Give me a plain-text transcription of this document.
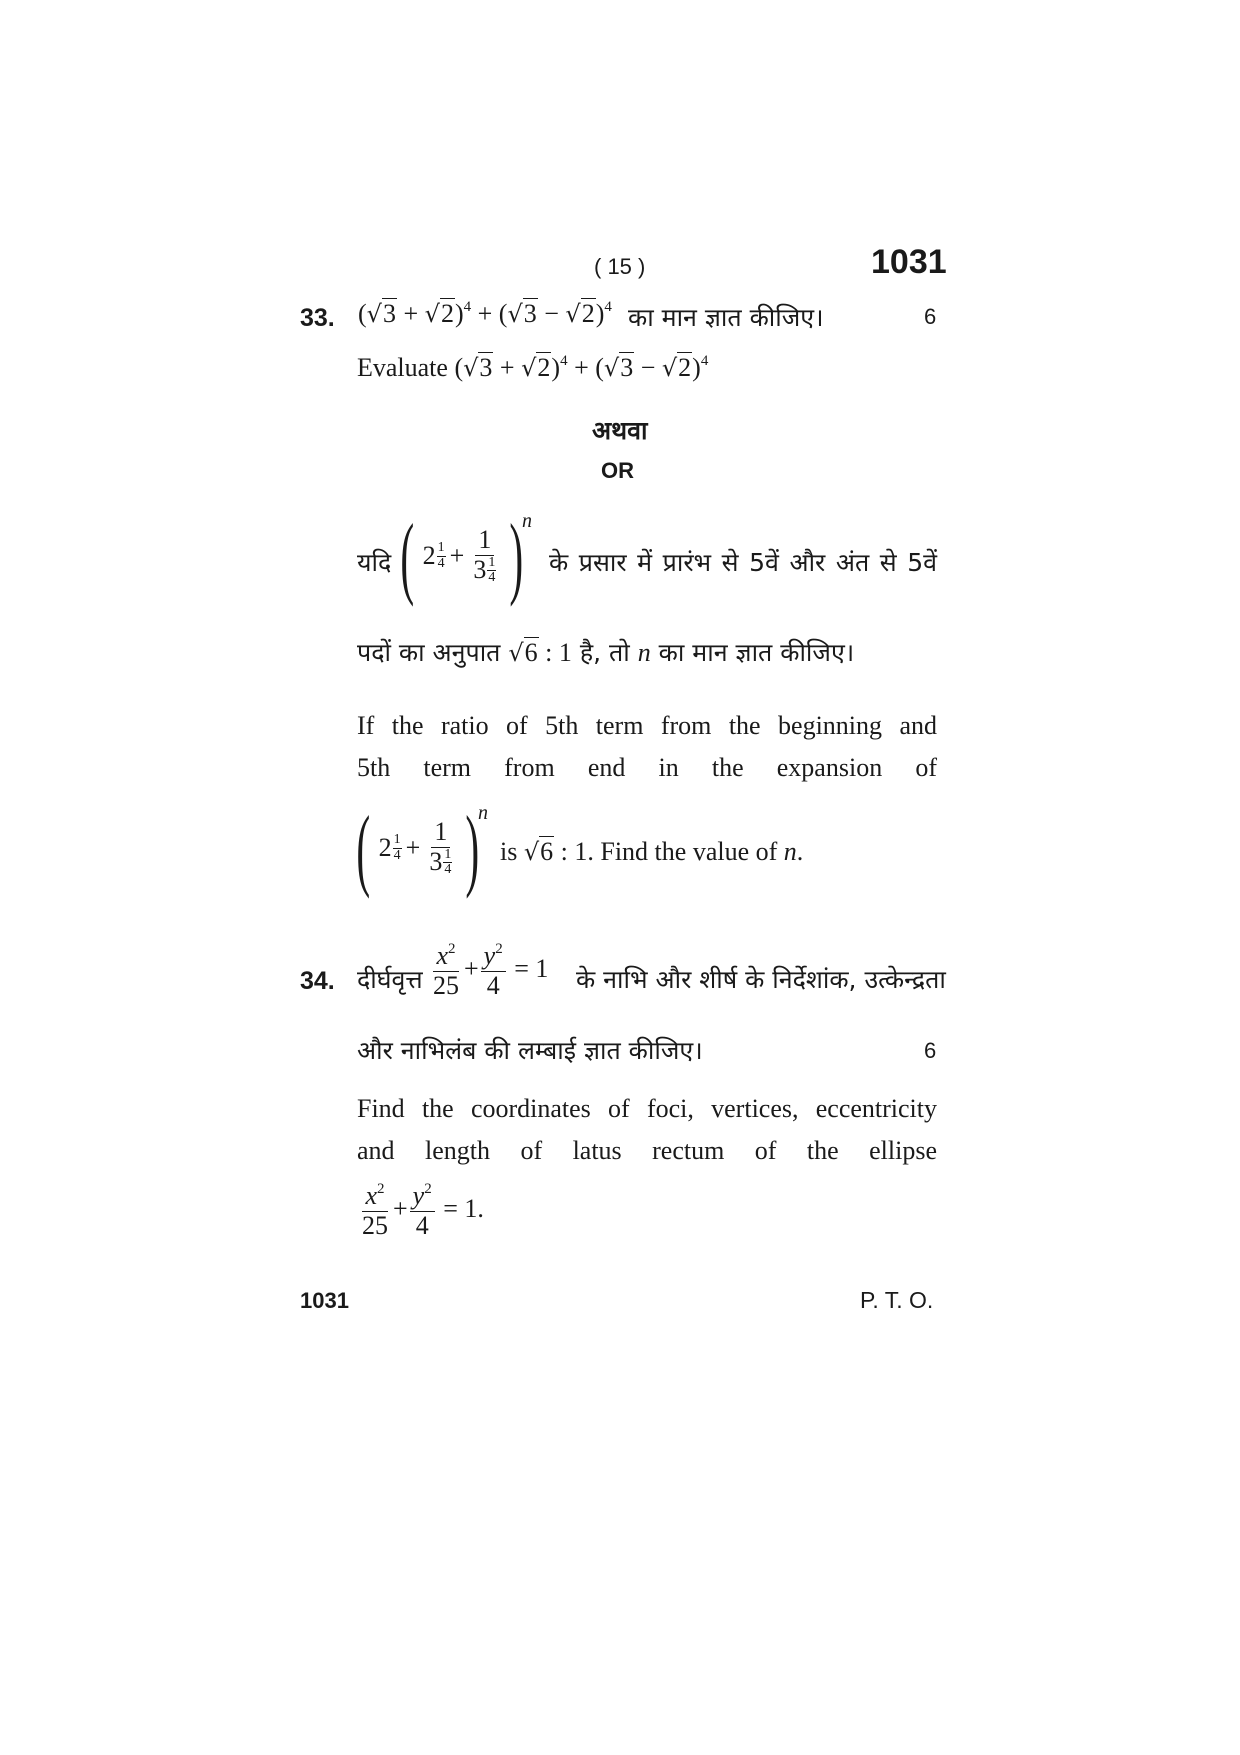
( 15 )	1031
33. $(√3 + √2)^4 + (√3 - √2)^4$ का मान ज्ञात कीजिए।	6
Evaluate $(√3 + √2)^4 + (√3 - √2)^4$
अथवा
OR
यदि ( 2 1
4 + 1
3 1
4 )
n
के प्रसार में प्रारंभ से 5वें और अंत से 5वें
पदों का अनुपात √6 : 1 है, तो n का मान ज्ञात कीजिए।
If the ratio of 5th term from the beginning and
5th term from end in the expansion of
( 2 1
4 + 1
3 1
4 )
n
is √6 : 1. Find the value of n.
34. दीर्घवृत्त $\frac{x^2}{25} + \frac{y^2}{4} = 1$ के नाभि और शीर्ष के निर्देशांक, उत्केन्द्रता
और नाभिलंब की लम्बाई ज्ञात कीजिए।	6
Find the coordinates of foci, vertices, eccentricity
and length of latus rectum of the ellipse
$\frac{x^2}{25} + \frac{y^2}{4} = 1$.
1031	P. T. O.
